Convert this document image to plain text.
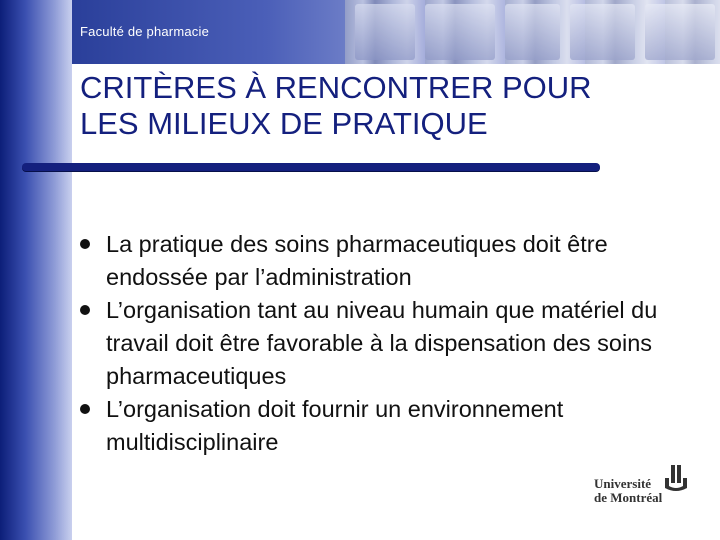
Faculté de pharmacie
CRITÈRES À RENCONTRER POUR
LES MILIEUX DE PRATIQUE
La pratique des soins pharmaceutiques doit être endossée par l’administration
L’organisation tant au niveau humain que matériel du travail doit être favorable à la dispensation des soins pharmaceutiques
L’organisation doit fournir un environnement multidisciplinaire
Université
de Montréal
